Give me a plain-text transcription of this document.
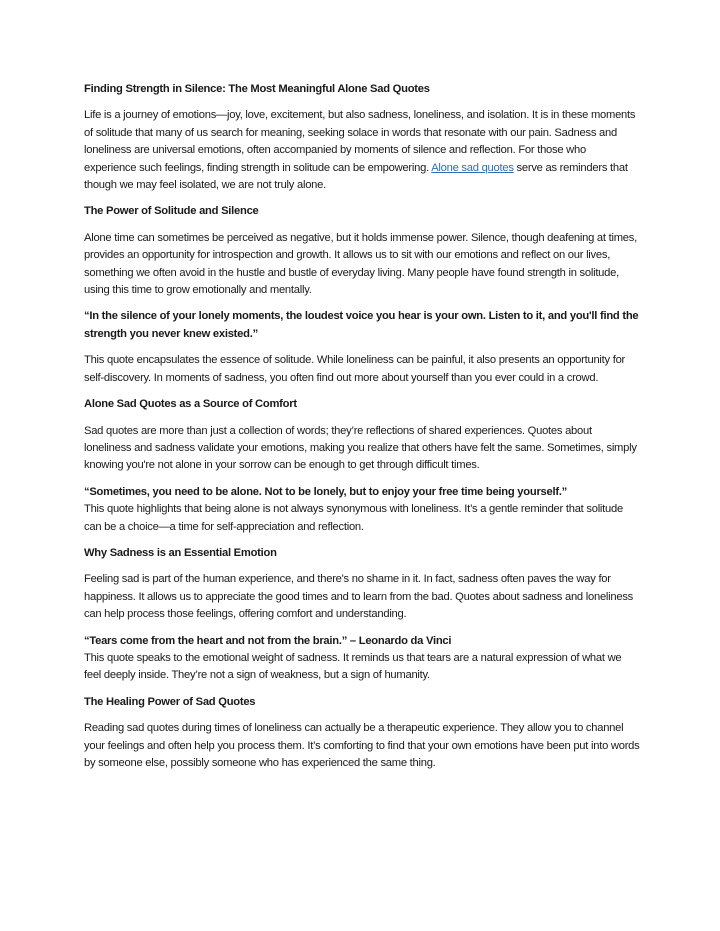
Finding Strength in Silence: The Most Meaningful Alone Sad Quotes

Life is a journey of emotions—joy, love, excitement, but also sadness, loneliness, and isolation. It is in these moments of solitude that many of us search for meaning, seeking solace in words that resonate with our pain. Sadness and loneliness are universal emotions, often accompanied by moments of silence and reflection. For those who experience such feelings, finding strength in solitude can be empowering. Alone sad quotes serve as reminders that though we may feel isolated, we are not truly alone.

The Power of Solitude and Silence

Alone time can sometimes be perceived as negative, but it holds immense power. Silence, though deafening at times, provides an opportunity for introspection and growth. It allows us to sit with our emotions and reflect on our lives, something we often avoid in the hustle and bustle of everyday living. Many people have found strength in solitude, using this time to grow emotionally and mentally.

“In the silence of your lonely moments, the loudest voice you hear is your own. Listen to it, and you'll find the strength you never knew existed.”

This quote encapsulates the essence of solitude. While loneliness can be painful, it also presents an opportunity for self-discovery. In moments of sadness, you often find out more about yourself than you ever could in a crowd.

Alone Sad Quotes as a Source of Comfort

Sad quotes are more than just a collection of words; they’re reflections of shared experiences. Quotes about loneliness and sadness validate your emotions, making you realize that others have felt the same. Sometimes, simply knowing you're not alone in your sorrow can be enough to get through difficult times.

“Sometimes, you need to be alone. Not to be lonely, but to enjoy your free time being yourself.”

This quote highlights that being alone is not always synonymous with loneliness. It’s a gentle reminder that solitude can be a choice—a time for self-appreciation and reflection.

Why Sadness is an Essential Emotion

Feeling sad is part of the human experience, and there's no shame in it. In fact, sadness often paves the way for happiness. It allows us to appreciate the good times and to learn from the bad. Quotes about sadness and loneliness can help process those feelings, offering comfort and understanding.

“Tears come from the heart and not from the brain.” – Leonardo da Vinci

This quote speaks to the emotional weight of sadness. It reminds us that tears are a natural expression of what we feel deeply inside. They’re not a sign of weakness, but a sign of humanity.

The Healing Power of Sad Quotes

Reading sad quotes during times of loneliness can actually be a therapeutic experience. They allow you to channel your feelings and often help you process them. It’s comforting to find that your own emotions have been put into words by someone else, possibly someone who has experienced the same thing.
